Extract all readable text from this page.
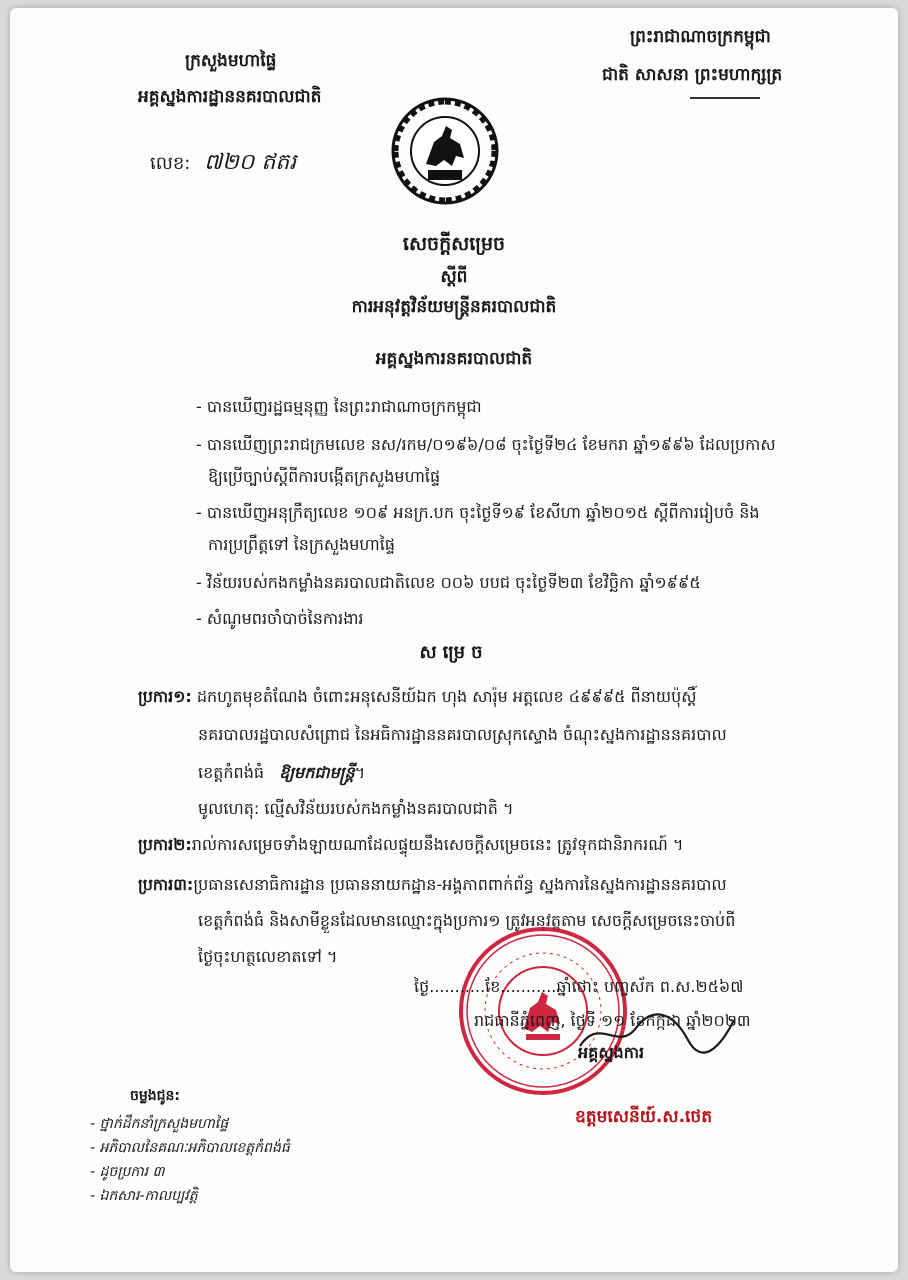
ក្រសួងមហាផ្ទៃ
អគ្គស្នងការដ្ឋាននគរបាលជាតិ
ព្រះរាជាណាចក្រកម្ពុជា
ជាតិ សាសនា ព្រះមហាក្សត្រ
លេខ: ៧២០ ឥតរ
សេចក្ដីសម្រេច
ស្ដីពី
ការអនុវត្តវិន័យមន្ត្រីនគរបាលជាតិ
អគ្គស្នងការនគរបាលជាតិ
- បានឃើញរដ្ឋធម្មនុញ្ញ នៃព្រះរាជាណាចក្រកម្ពុជា
- បានឃើញព្រះរាជក្រមលេខ នស/រកម/០១៩៦/០៨ ចុះថ្ងៃទី២៤ ខែមករា ឆ្នាំ១៩៩៦ ដែលប្រកាស
ឱ្យប្រើច្បាប់ស្ដីពីការបង្កើតក្រសួងមហាផ្ទៃ
- បានឃើញអនុក្រឹត្យលេខ ១០៩ អនក្រ.បក ចុះថ្ងៃទី១៩ ខែសីហា ឆ្នាំ២០១៥ ស្ដីពីការរៀបចំ និង
ការប្រព្រឹត្តទៅ នៃក្រសួងមហាផ្ទៃ
- វិន័យរបស់កងកម្លាំងនគរបាលជាតិលេខ ០០៦ បបជ ចុះថ្ងៃទី២៣ ខែវិច្ឆិកា ឆ្នាំ១៩៩៥
- សំណូមពរចាំបាច់នៃការងារ
សម្រេច
ប្រការ១: ដកហូតមុខតំណែង ចំពោះអនុសេនីយ៍ឯក ហុង សារ៉ុម អត្តលេខ ៤៩៩៩៥ ពីនាយប៉ុស្ដិ៍
នគរបាលរដ្ឋបាលសំព្រោជ នៃអធិការដ្ឋាននគរបាលស្រុកស្ទោង ចំណុះស្នងការដ្ឋាននគរបាល
ខេត្តកំពង់ធំ ឱ្យមកជាមន្ត្រី។
មូលហេតុ: ល្មើសវិន័យរបស់កងកម្លាំងនគរបាលជាតិ ។
ប្រការ២:រាល់ការសម្រេចទាំងឡាយណាដែលផ្ទុយនឹងសេចក្ដីសម្រេចនេះ ត្រូវទុកជានិរាករណ៍ ។
ប្រការ៣:ប្រធានសេនាធិការដ្ឋាន ប្រធាននាយកដ្ឋាន-អង្គភាពពាក់ព័ន្ធ ស្នងការនៃស្នងការដ្ឋាននគរបាល
ខេត្តកំពង់ធំ និងសាមីខ្លួនដែលមានឈ្មោះក្នុងប្រការ១ ត្រូវអនុវត្តតាម សេចក្ដីសម្រេចនេះចាប់ពី
ថ្ងៃចុះហត្ថលេខាតទៅ ។
ថ្ងៃ...........ខែ...........ឆ្នាំថោះ បញ្ចស័ក ព.ស.២៥៦៧
រាជធានីភ្នំពេញ, ថ្ងៃទី ១១ ខែកក្កដា ឆ្នាំ២០២៣
អគ្គស្នងការ
ឧត្ដមសេនីយ៍.ស.ថេត
ចម្លងជូន:
- ថ្នាក់ដឹកនាំក្រសួងមហាផ្ទៃ
- អភិបាលនៃគណៈអភិបាលខេត្តកំពង់ធំ
- ដូចប្រការ ៣
- ឯកសារ-កាលប្បវត្តិ
